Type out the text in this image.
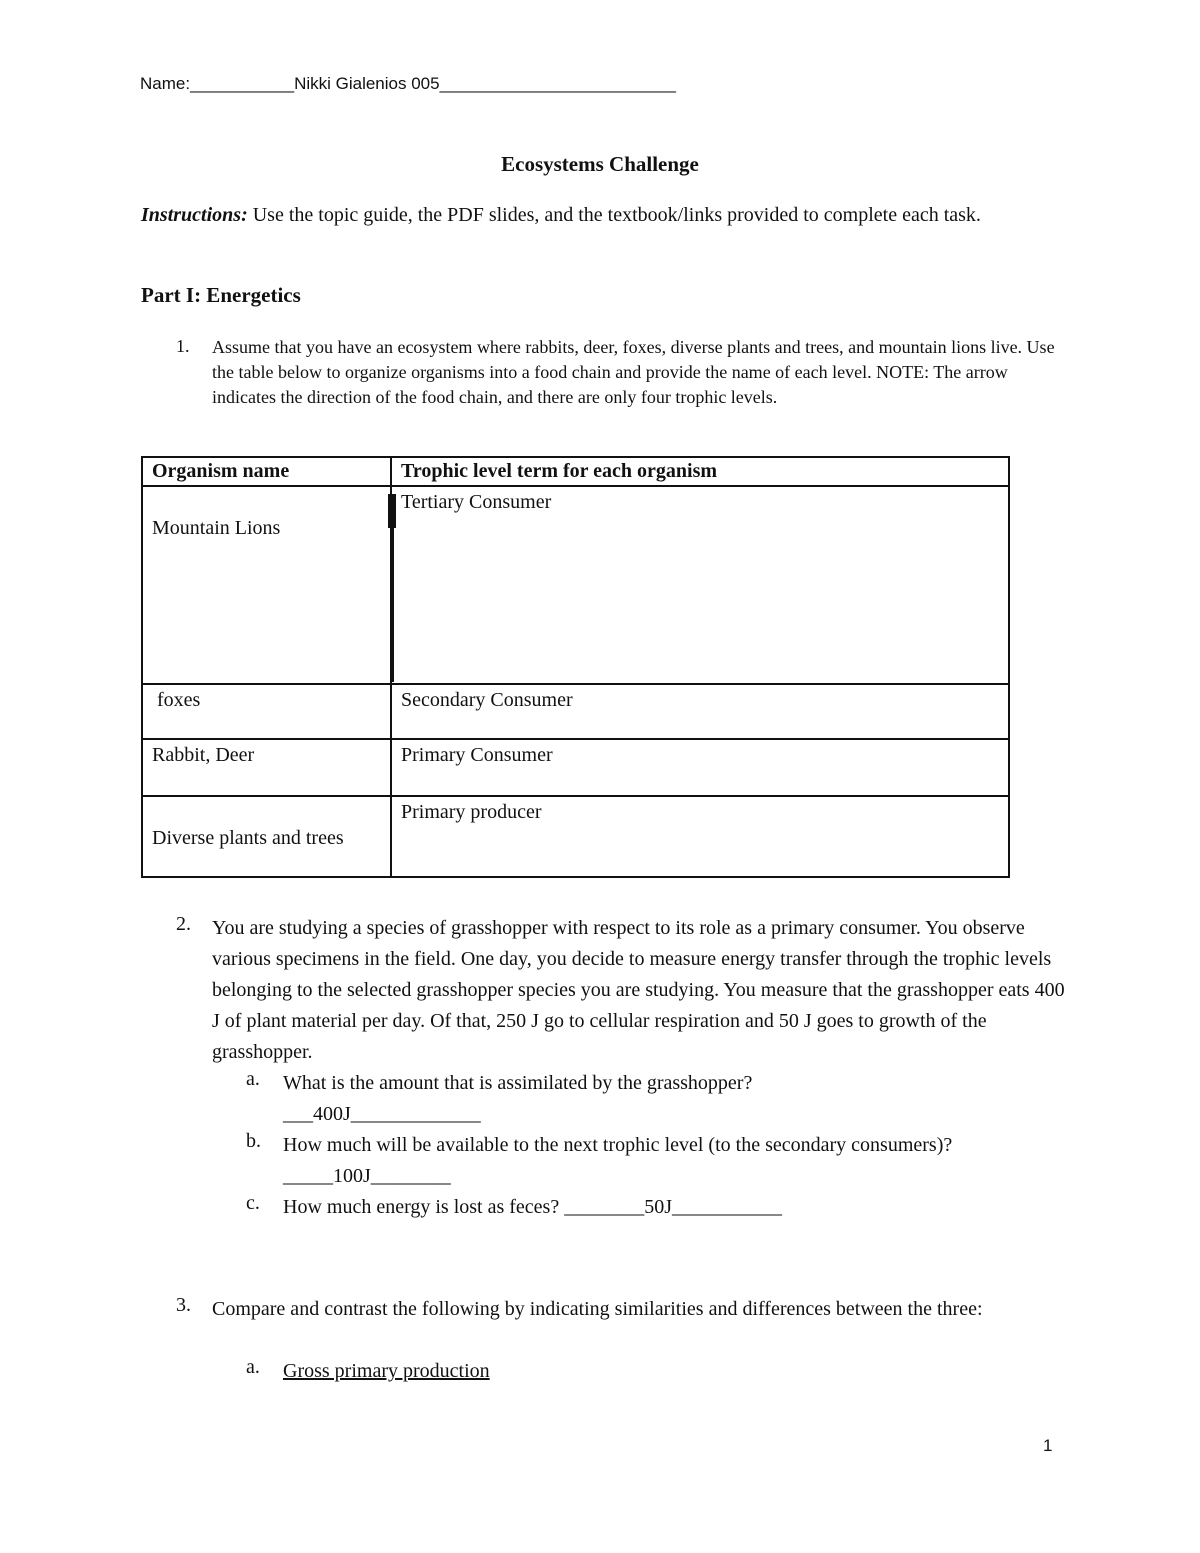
Name:___________Nikki Gialenios 005_________________________
Ecosystems Challenge
Instructions: Use the topic guide, the PDF slides, and the textbook/links provided to complete each task.
Part I: Energetics
1. Assume that you have an ecosystem where rabbits, deer, foxes, diverse plants and trees, and mountain lions live. Use the table below to organize organisms into a food chain and provide the name of each level. NOTE: The arrow indicates the direction of the food chain, and there are only four trophic levels.
Organism name	Trophic level term for each organism

Mountain Lions	Tertiary Consumer

foxes	Secondary Consumer

Rabbit, Deer	Primary Consumer

Diverse plants and trees	Primary producer
2. You are studying a species of grasshopper with respect to its role as a primary consumer. You observe various specimens in the field. One day, you decide to measure energy transfer through the trophic levels belonging to the selected grasshopper species you are studying. You measure that the grasshopper eats 400 J of plant material per day. Of that, 250 J go to cellular respiration and 50 J goes to growth of the grasshopper.
a. What is the amount that is assimilated by the grasshopper? ___400J_____________
b. How much will be available to the next trophic level (to the secondary consumers)? _____100J________
c. How much energy is lost as feces? ________50J___________
3. Compare and contrast the following by indicating similarities and differences between the three:
a. Gross primary production
1
